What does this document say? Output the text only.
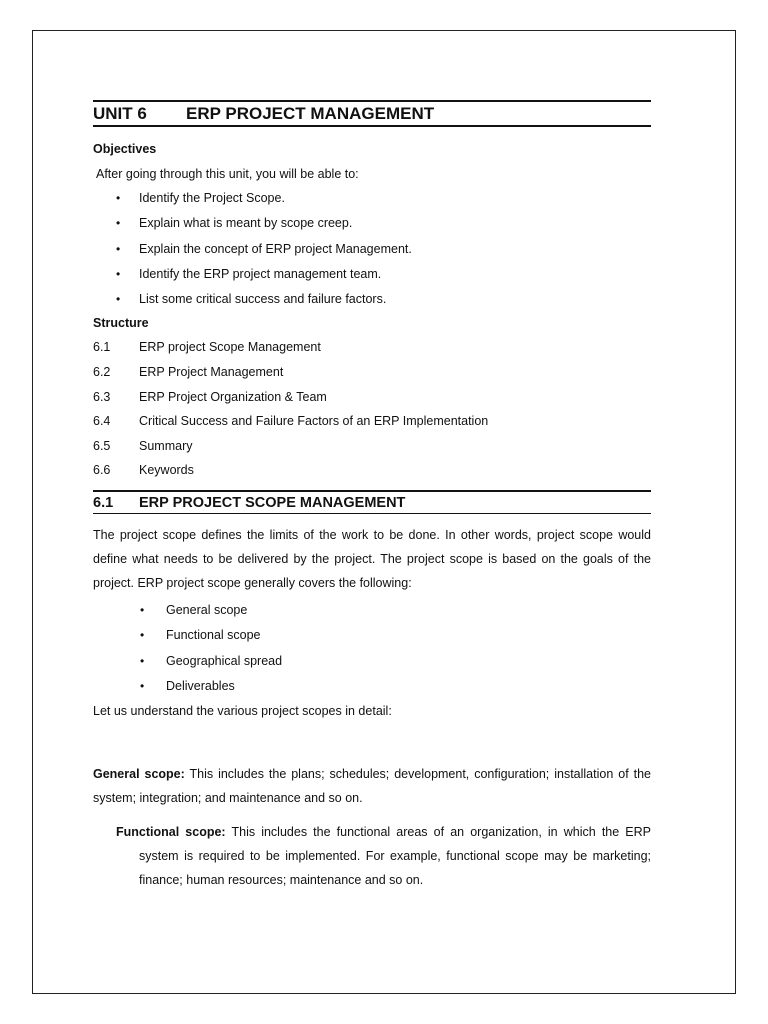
UNIT 6	ERP PROJECT MANAGEMENT
Objectives
After going through this unit, you will be able to:
• Identify the Project Scope.
• Explain what is meant by scope creep.
• Explain the concept of ERP project Management.
• Identify the ERP project management team.
• List some critical success and failure factors.
Structure
6.1	ERP project Scope Management
6.2	ERP Project Management
6.3	ERP Project Organization & Team
6.4	Critical Success and Failure Factors of an ERP Implementation
6.5	Summary
6.6	Keywords
6.1	ERP PROJECT SCOPE MANAGEMENT
The project scope defines the limits of the work to be done. In other words, project scope would define what needs to be delivered by the project. The project scope is based on the goals of the project. ERP project scope generally covers the following:
• General scope
• Functional scope
• Geographical spread
• Deliverables
Let us understand the various project scopes in detail:
General scope: This includes the plans; schedules; development, configuration; installation of the system; integration; and maintenance and so on.
Functional scope: This includes the functional areas of an organization, in which the ERP system is required to be implemented. For example, functional scope may be marketing; finance; human resources; maintenance and so on.
